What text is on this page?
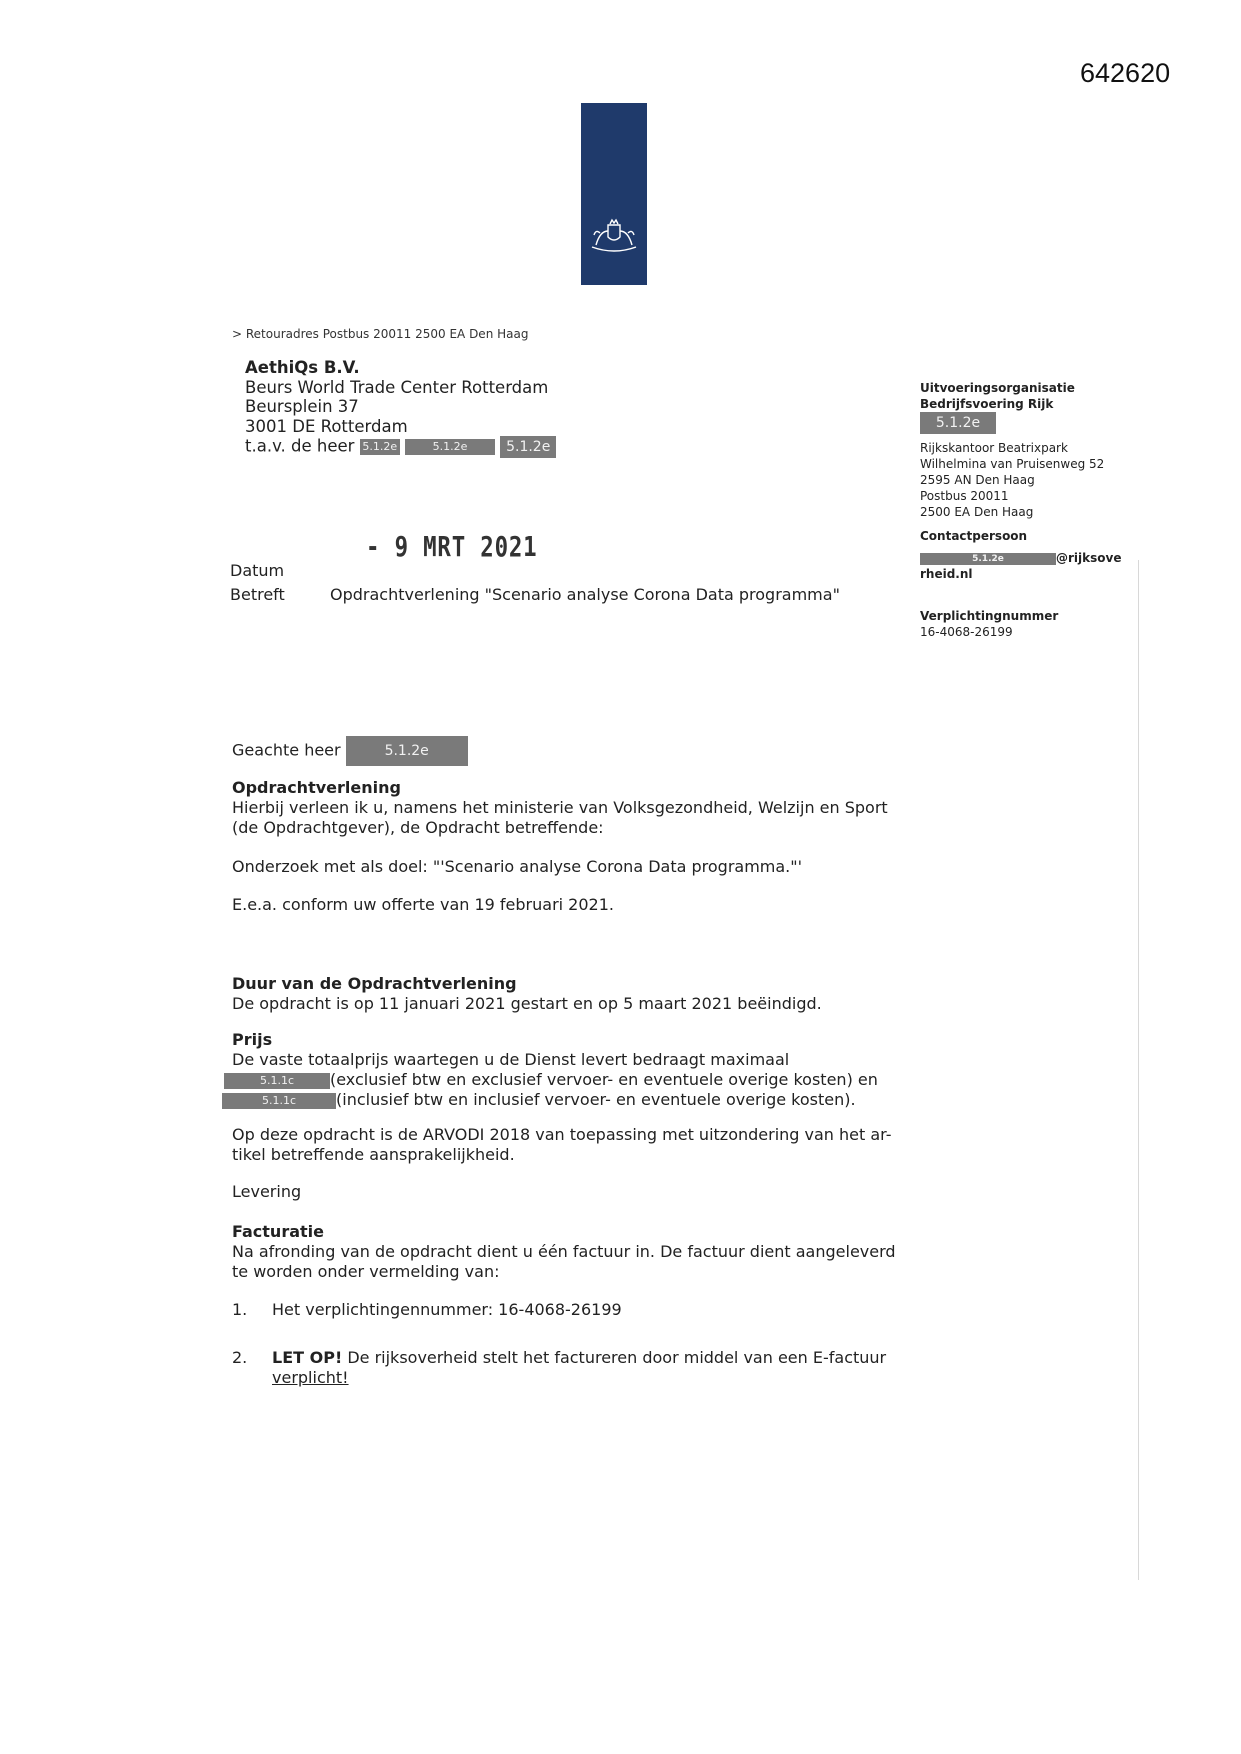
642620
> Retouradres Postbus 20011 2500 EA Den Haag
AethiQs B.V.
Beurs World Trade Center Rotterdam
Beursplein 37
3001 DE Rotterdam
t.a.v. de heer 5.1.2e	5.1.2e	5.1.2e
Uitvoeringsorganisatie
Bedrijfsvoering Rijk
5.1.2e
Rijkskantoor Beatrixpark
Wilhelmina van Pruisenweg 52
2595 AN Den Haag
Postbus 20011
2500 EA Den Haag
Contactpersoon
5.1.2e	@rijksove
rheid.nl
Verplichtingnummer
16-4068-26199
- 9 MRT 2021
Datum
Betreft	Opdrachtverlening "Scenario analyse Corona Data programma"
Geachte heer	5.1.2e
Opdrachtverlening
Hierbij verleen ik u, namens het ministerie van Volksgezondheid, Welzijn en Sport (de Opdrachtgever), de Opdracht betreffende:
Onderzoek met als doel: "'Scenario analyse Corona Data programma."'
E.e.a. conform uw offerte van 19 februari 2021.
Duur van de Opdrachtverlening
De opdracht is op 11 januari 2021 gestart en op 5 maart 2021 beëindigd.
Prijs
De vaste totaalprijs waartegen u de Dienst levert bedraagt maximaal
5.1.1c (exclusief btw en exclusief vervoer- en eventuele overige kosten) en
5.1.1c (inclusief btw en inclusief vervoer- en eventuele overige kosten).
Op deze opdracht is de ARVODI 2018 van toepassing met uitzondering van het ar-tikel betreffende aansprakelijkheid.
Levering
Facturatie
Na afronding van de opdracht dient u één factuur in. De factuur dient aangeleverd te worden onder vermelding van:
1. Het verplichtingennummer: 16-4068-26199
2. LET OP! De rijksoverheid stelt het factureren door middel van een E-factuur
verplicht!
